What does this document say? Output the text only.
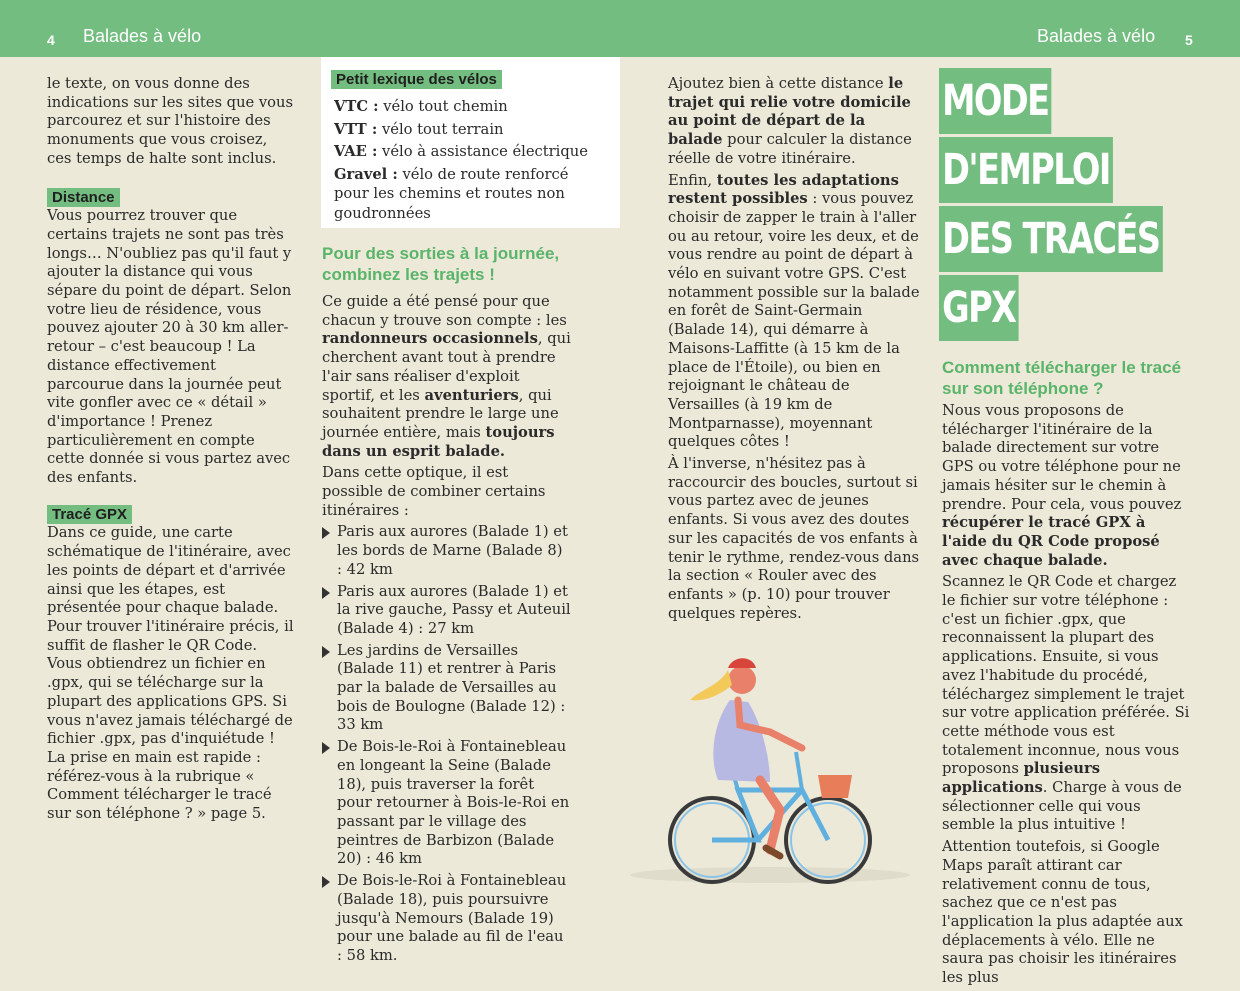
4 Balades à vélo	Balades à vélo 5

le texte, on vous donne des indications sur les sites que vous parcourez et sur l'histoire des monuments que vous croisez, ces temps de halte sont inclus.

Distance

Vous pourrez trouver que certains trajets ne sont pas très longs… N'oubliez pas qu'il faut y ajouter la distance qui vous sépare du point de départ. Selon votre lieu de résidence, vous pouvez ajouter 20 à 30 km aller-retour – c'est beaucoup ! La distance effectivement parcourue dans la journée peut vite gonfler avec ce « détail » d'importance ! Prenez particulièrement en compte cette donnée si vous partez avec des enfants.

Tracé GPX

Dans ce guide, une carte schématique de l'itinéraire, avec les points de départ et d'arrivée ainsi que les étapes, est présentée pour chaque balade. Pour trouver l'itinéraire précis, il suffit de flasher le QR Code. Vous obtiendrez un fichier en .gpx, qui se télécharge sur la plupart des applications GPS. Si vous n'avez jamais téléchargé de fichier .gpx, pas d'inquiétude ! La prise en main est rapide : référez-vous à la rubrique « Comment télécharger le tracé sur son téléphone ? » page 5.

Petit lexique des vélos

VTC : vélo tout chemin

VTT : vélo tout terrain

VAE : vélo à assistance électrique

Gravel : vélo de route renforcé pour les chemins et routes non goudronnées

Pour des sorties à la journée, combinez les trajets !

Ce guide a été pensé pour que chacun y trouve son compte : les randonneurs occasionnels, qui cherchent avant tout à prendre l'air sans réaliser d'exploit sportif, et les aventuriers, qui souhaitent prendre le large une journée entière, mais toujours dans un esprit balade.

Dans cette optique, il est possible de combiner certains itinéraires :

Paris aux aurores (Balade 1) et les bords de Marne (Balade 8) : 42 km
Paris aux aurores (Balade 1) et la rive gauche, Passy et Auteuil (Balade 4) : 27 km
Les jardins de Versailles (Balade 11) et rentrer à Paris par la balade de Versailles au bois de Boulogne (Balade 12) : 33 km
De Bois-le-Roi à Fontainebleau en longeant la Seine (Balade 18), puis traverser la forêt pour retourner à Bois-le-Roi en passant par le village des peintres de Barbizon (Balade 20) : 46 km
De Bois-le-Roi à Fontainebleau (Balade 18), puis poursuivre jusqu'à Nemours (Balade 19) pour une balade au fil de l'eau : 58 km.

Ajoutez bien à cette distance le trajet qui relie votre domicile au point de départ de la balade pour calculer la distance réelle de votre itinéraire.

Enfin, toutes les adaptations restent possibles : vous pouvez choisir de zapper le train à l'aller ou au retour, voire les deux, et de vous rendre au point de départ à vélo en suivant votre GPS. C'est notamment possible sur la balade en forêt de Saint-Germain (Balade 14), qui démarre à Maisons-Laffitte (à 15 km de la place de l'Étoile), ou bien en rejoignant le château de Versailles (à 19 km de Montparnasse), moyennant quelques côtes !

À l'inverse, n'hésitez pas à raccourcir des boucles, surtout si vous partez avec de jeunes enfants. Si vous avez des doutes sur les capacités de vos enfants à tenir le rythme, rendez-vous dans la section « Rouler avec des enfants » (p. 10) pour trouver quelques repères.

MODE
D'EMPLOI
DES TRACÉS
GPX
Comment télécharger le tracé sur son téléphone ?

Nous vous proposons de télécharger l'itinéraire de la balade directement sur votre GPS ou votre téléphone pour ne jamais hésiter sur le chemin à prendre. Pour cela, vous pouvez récupérer le tracé GPX à l'aide du QR Code proposé avec chaque balade.

Scannez le QR Code et chargez le fichier sur votre téléphone : c'est un fichier .gpx, que reconnaissent la plupart des applications. Ensuite, si vous avez l'habitude du procédé, téléchargez simplement le trajet sur votre application préférée. Si cette méthode vous est totalement inconnue, nous vous proposons plusieurs applications. Charge à vous de sélectionner celle qui vous semble la plus intuitive !

Attention toutefois, si Google Maps paraît attirant car relativement connu de tous, sachez que ce n'est pas l'application la plus adaptée aux déplacements à vélo. Elle ne saura pas choisir les itinéraires les plus
